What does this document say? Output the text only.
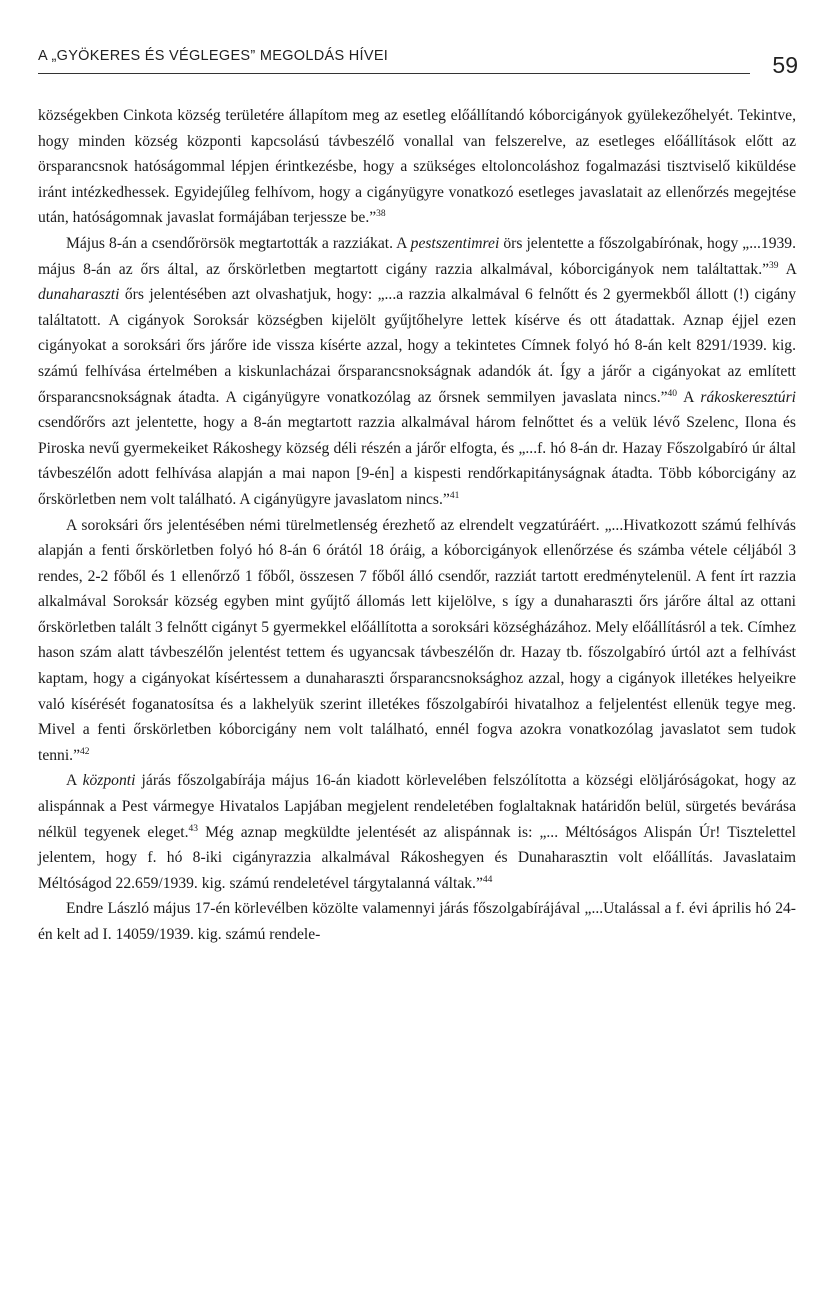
A „GYÖKERES ÉS VÉGLEGES” MEGOLDÁS HÍVEI	59

községekben Cinkota község területére állapítom meg az esetleg előállítandó kóborcigányok gyülekezőhelyét. Tekintve, hogy minden község központi kapcsolású távbeszélő vonallal van felszerelve, az esetleges előállítások előtt az örsparancsnok hatóságommal lépjen érintkezésbe, hogy a szükséges eltoloncoláshoz fogalmazási tisztviselő kiküldése iránt intézkedhessek. Egyidejűleg felhívom, hogy a cigányügyre vonatkozó esetleges javaslatait az ellenőrzés megejtése után, hatóságomnak javaslat formájában terjessze be.”$^{38}$

Május 8-án a csendőrörsök megtartották a razziákat. A pestszentimrei örs jelentette a főszolgabírónak, hogy „...1939. május 8-án az őrs által, az őrskörletben megtartott cigány razzia alkalmával, kóborcigányok nem találtattak.”$^{39}$ A dunaharaszti őrs jelentésében azt olvashatjuk, hogy: „...a razzia alkalmával 6 felnőtt és 2 gyermekből állott (!) cigány találtatott. A cigányok Soroksár községben kijelölt gyűjtőhelyre lettek kísérve és ott átadattak. Aznap éjjel ezen cigányokat a soroksári őrs járőre ide vissza kísérte azzal, hogy a tekintetes Címnek folyó hó 8-án kelt 8291/1939. kig. számú felhívása értelmében a kiskunlacházai őrsparancsnokságnak adandók át. Így a járőr a cigányokat az említett őrsparancsnokságnak átadta. A cigányügyre vonatkozólag az őrsnek semmilyen javaslata nincs.”$^{40}$ A rákoskeresztúri csendőrőrs azt jelentette, hogy a 8-án megtartott razzia alkalmával három felnőttet és a velük lévő Szelenc, Ilona és Piroska nevű gyermekeiket Rákoshegy község déli részén a járőr elfogta, és „...f. hó 8-án dr. Hazay Főszolgabíró úr által távbeszélőn adott felhívása alapján a mai napon [9-én] a kispesti rendőrkapitányságnak átadta. Több kóborcigány az őrskörletben nem volt található. A cigányügyre javaslatom nincs.”$^{41}$

A soroksári őrs jelentésében némi türelmetlenség érezhető az elrendelt vegzatúráért. „...Hivatkozott számú felhívás alapján a fenti őrskörletben folyó hó 8-án 6 órától 18 óráig, a kóborcigányok ellenőrzése és számba vétele céljából 3 rendes, 2-2 főből és 1 ellenőrző 1 főből, összesen 7 főből álló csendőr, razziát tartott eredménytelenül. A fent írt razzia alkalmával Soroksár község egyben mint gyűjtő állomás lett kijelölve, s így a dunaharaszti őrs járőre által az ottani őrskörletben talált 3 felnőtt cigányt 5 gyermekkel előállította a soroksári községházához. Mely előállításról a tek. Címhez hason szám alatt távbeszélőn jelentést tettem és ugyancsak távbeszélőn dr. Hazay tb. főszolgabíró úrtól azt a felhívást kaptam, hogy a cigányokat kísértessem a dunaharaszti őrsparancsnoksághoz azzal, hogy a cigányok illetékes helyeikre való kísérését foganatosítsa és a lakhelyük szerint illetékes főszolgabírói hivatalhoz a feljelentést ellenük tegye meg. Mivel a fenti őrskörletben kóborcigány nem volt található, ennél fogva azokra vonatkozólag javaslatot sem tudok tenni.”$^{42}$

A központi járás főszolgabírája május 16-án kiadott körlevelében felszólította a községi elöljáróságokat, hogy az alispánnak a Pest vármegye Hivatalos Lapjában megjelent rendeletében foglaltaknak határidőn belül, sürgetés bevárása nélkül tegyenek eleget.$^{43}$ Még aznap megküldte jelentését az alispánnak is: „... Méltóságos Alispán Úr! Tisztelettel jelentem, hogy f. hó 8-iki cigányrazzia alkalmával Rákoshegyen és Dunaharasztin volt előállítás. Javaslataim Méltóságod 22.659/1939. kig. számú rendeletével tárgytalanná váltak.”$^{44}$

Endre László május 17-én körlevélben közölte valamennyi járás főszolgabírájával „...Utalással a f. évi április hó 24-én kelt ad I. 14059/1939. kig. számú rendele-
